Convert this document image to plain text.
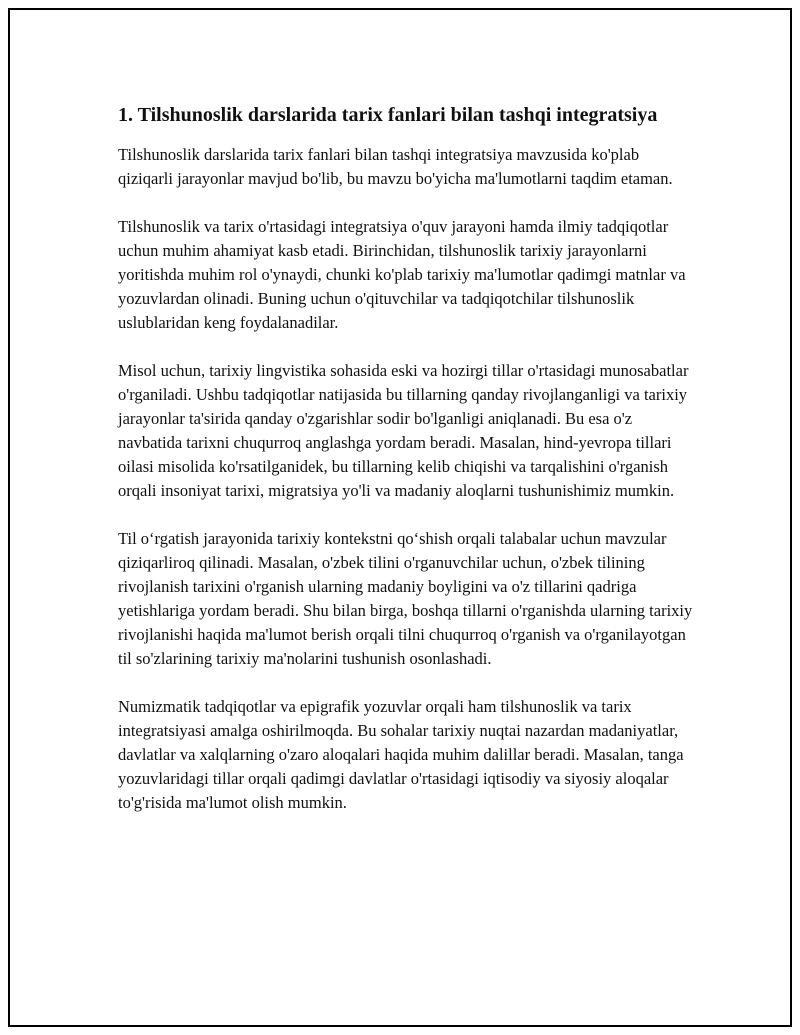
1. Tilshunoslik darslarida tarix fanlari bilan tashqi integratsiya

Tilshunoslik darslarida tarix fanlari bilan tashqi integratsiya mavzusida ko'plab qiziqarli jarayonlar mavjud bo'lib, bu mavzu bo'yicha ma'lumotlarni taqdim etaman.

Tilshunoslik va tarix o'rtasidagi integratsiya o'quv jarayoni hamda ilmiy tadqiqotlar uchun muhim ahamiyat kasb etadi. Birinchidan, tilshunoslik tarixiy jarayonlarni yoritishda muhim rol o'ynaydi, chunki ko'plab tarixiy ma'lumotlar qadimgi matnlar va yozuvlardan olinadi. Buning uchun o'qituvchilar va tadqiqotchilar tilshunoslik uslublaridan keng foydalanadilar.

Misol uchun, tarixiy lingvistika sohasida eski va hozirgi tillar o'rtasidagi munosabatlar o'rganiladi. Ushbu tadqiqotlar natijasida bu tillarning qanday rivojlanganligi va tarixiy jarayonlar ta'sirida qanday o'zgarishlar sodir bo'lganligi aniqlanadi. Bu esa o'z navbatida tarixni chuqurroq anglashga yordam beradi. Masalan, hind-yevropa tillari oilasi misolida ko'rsatilganidek, bu tillarning kelib chiqishi va tarqalishini o'rganish orqali insoniyat tarixi, migratsiya yo'li va madaniy aloqlarni tushunishimiz mumkin.

Til o‘rgatish jarayonida tarixiy kontekstni qo‘shish orqali talabalar uchun mavzular qiziqarliroq qilinadi. Masalan, o'zbek tilini o'rganuvchilar uchun, o'zbek tilining rivojlanish tarixini o'rganish ularning madaniy boyligini va o'z tillarini qadriga yetishlariga yordam beradi. Shu bilan birga, boshqa tillarni o'rganishda ularning tarixiy rivojlanishi haqida ma'lumot berish orqali tilni chuqurroq o'rganish va o'rganilayotgan til so'zlarining tarixiy ma'nolarini tushunish osonlashadi.

Numizmatik tadqiqotlar va epigrafik yozuvlar orqali ham tilshunoslik va tarix integratsiyasi amalga oshirilmoqda. Bu sohalar tarixiy nuqtai nazardan madaniyatlar, davlatlar va xalqlarning o'zaro aloqalari haqida muhim dalillar beradi. Masalan, tanga yozuvlaridagi tillar orqali qadimgi davlatlar o'rtasidagi iqtisodiy va siyosiy aloqalar to'g'risida ma'lumot olish mumkin.
